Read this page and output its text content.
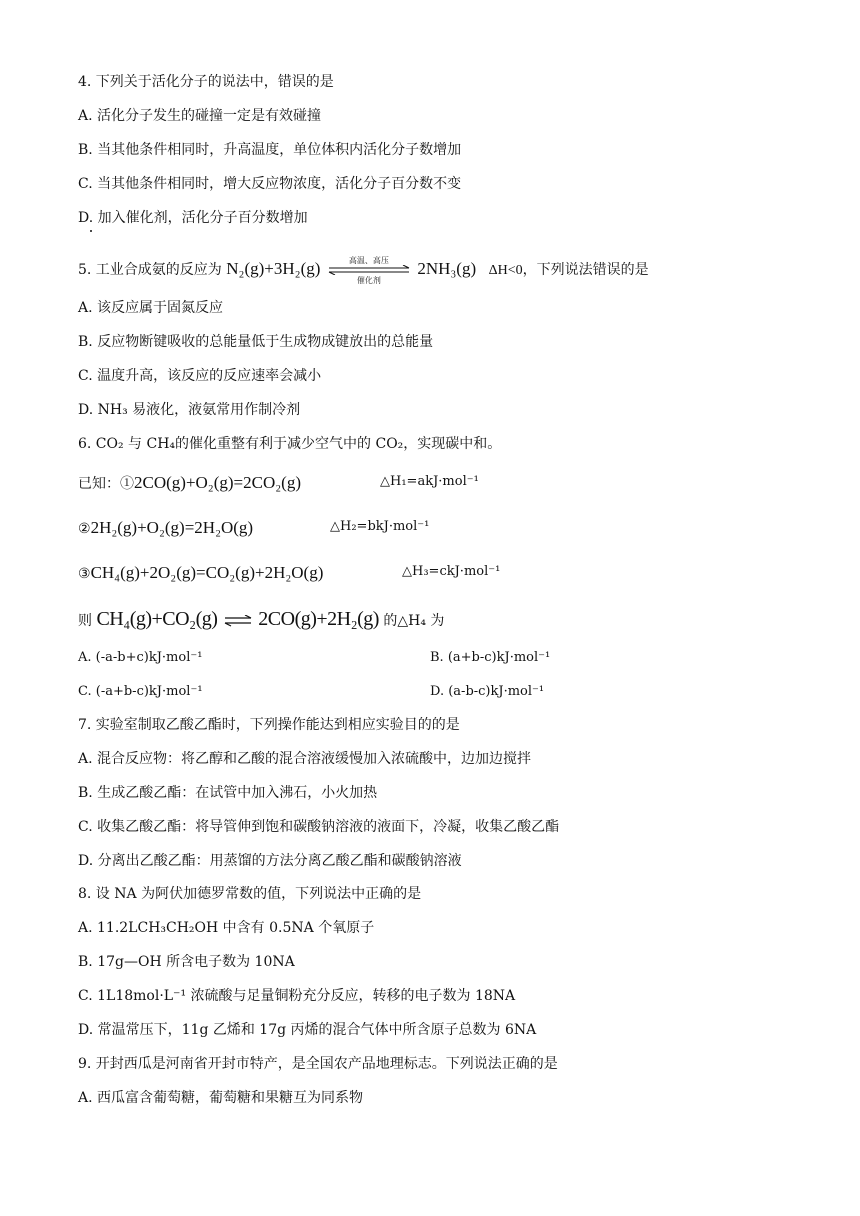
4. 下列关于活化分子的说法中，错误的是
A. 活化分子发生的碰撞一定是有效碰撞
B. 当其他条件相同时，升高温度，单位体积内活化分子数增加
C. 当其他条件相同时，增大反应物浓度，活化分子百分数不变
D. 加入催化剂，活化分子百分数增加
5. 工业合成氨的反应为 N₂(g)+3H₂(g)	高温、高压
催化剂
2NH₃(g) ΔH<0，下列说法错误的是
A. 该反应属于固氮反应
B. 反应物断键吸收的总能量低于生成物成键放出的总能量
C. 温度升高，该反应的反应速率会减小
D. NH₃ 易液化，液氨常用作制冷剂
6. CO₂ 与 CH₄的催化重整有利于减少空气中的 CO₂，实现碳中和。
已知：①2CO(g)+O₂(g)=2CO₂(g)	△H₁=akJ·mol⁻¹
②2H₂(g)+O₂(g)=2H₂O(g)	△H₂=bkJ·mol⁻¹
③CH₄(g)+2O₂(g)=CO₂(g)+2H₂O(g)	△H₃=ckJ·mol⁻¹
则 CH₄(g)+CO₂(g) ⇌ 2CO(g)+2H₂(g) 的△H₄ 为
A. (-a-b+c)kJ·mol⁻¹	B. (a+b-c)kJ·mol⁻¹
C. (-a+b-c)kJ·mol⁻¹	D. (a-b-c)kJ·mol⁻¹
7. 实验室制取乙酸乙酯时，下列操作能达到相应实验目的的是
A. 混合反应物：将乙醇和乙酸的混合溶液缓慢加入浓硫酸中，边加边搅拌
B. 生成乙酸乙酯：在试管中加入沸石，小火加热
C. 收集乙酸乙酯：将导管伸到饱和碳酸钠溶液的液面下，冷凝，收集乙酸乙酯
D. 分离出乙酸乙酯：用蒸馏的方法分离乙酸乙酯和碳酸钠溶液
8. 设 NA 为阿伏加德罗常数的值，下列说法中正确的是
A. 11.2LCH₃CH₂OH 中含有 0.5NA 个氧原子
B. 17g—OH 所含电子数为 10NA
C. 1L18mol·L⁻¹ 浓硫酸与足量铜粉充分反应，转移的电子数为 18NA
D. 常温常压下，11g 乙烯和 17g 丙烯的混合气体中所含原子总数为 6NA
9. 开封西瓜是河南省开封市特产，是全国农产品地理标志。下列说法正确的是
A. 西瓜富含葡萄糖，葡萄糖和果糖互为同系物
